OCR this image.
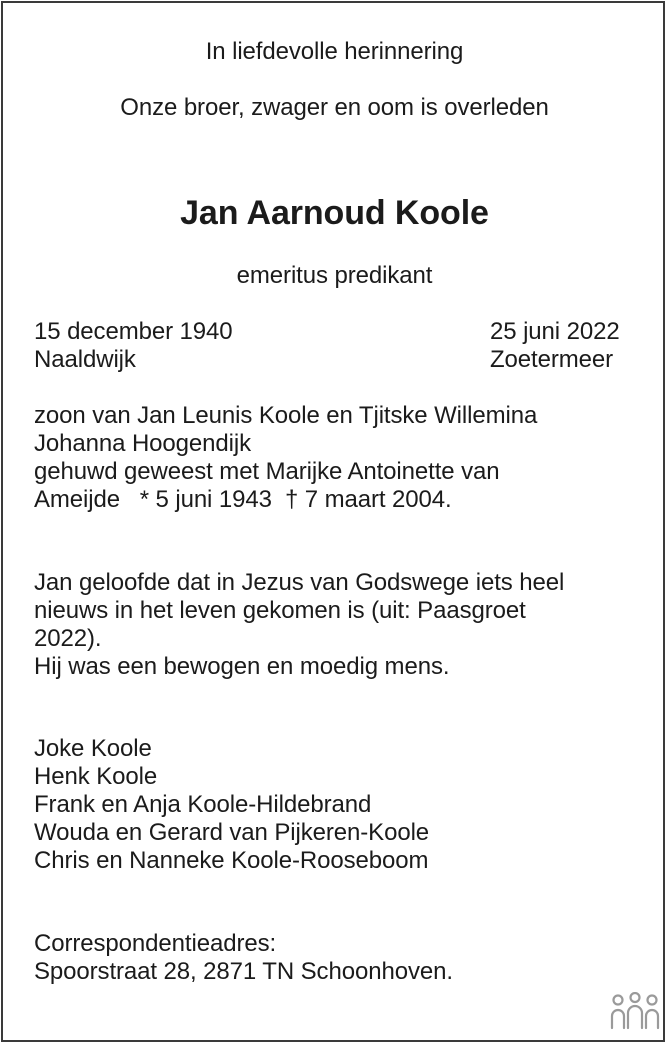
In liefdevolle herinnering
Onze broer, zwager en oom is overleden
Jan Aarnoud Koole
emeritus predikant
15 december 1940
Naaldwijk
25 juni 2022
Zoetermeer
zoon van Jan Leunis Koole en Tjitske Willemina
Johanna Hoogendijk
gehuwd geweest met Marijke Antoinette van
Ameijde   * 5 juni 1943  † 7 maart 2004.
Jan geloofde dat in Jezus van Godswege iets heel
nieuws in het leven gekomen is (uit: Paasgroet
2022).
Hij was een bewogen en moedig mens.
Joke Koole
Henk Koole
Frank en Anja Koole-Hildebrand
Wouda en Gerard van Pijkeren-Koole
Chris en Nanneke Koole-Rooseboom
Correspondentieadres:
Spoorstraat 28, 2871 TN Schoonhoven.
